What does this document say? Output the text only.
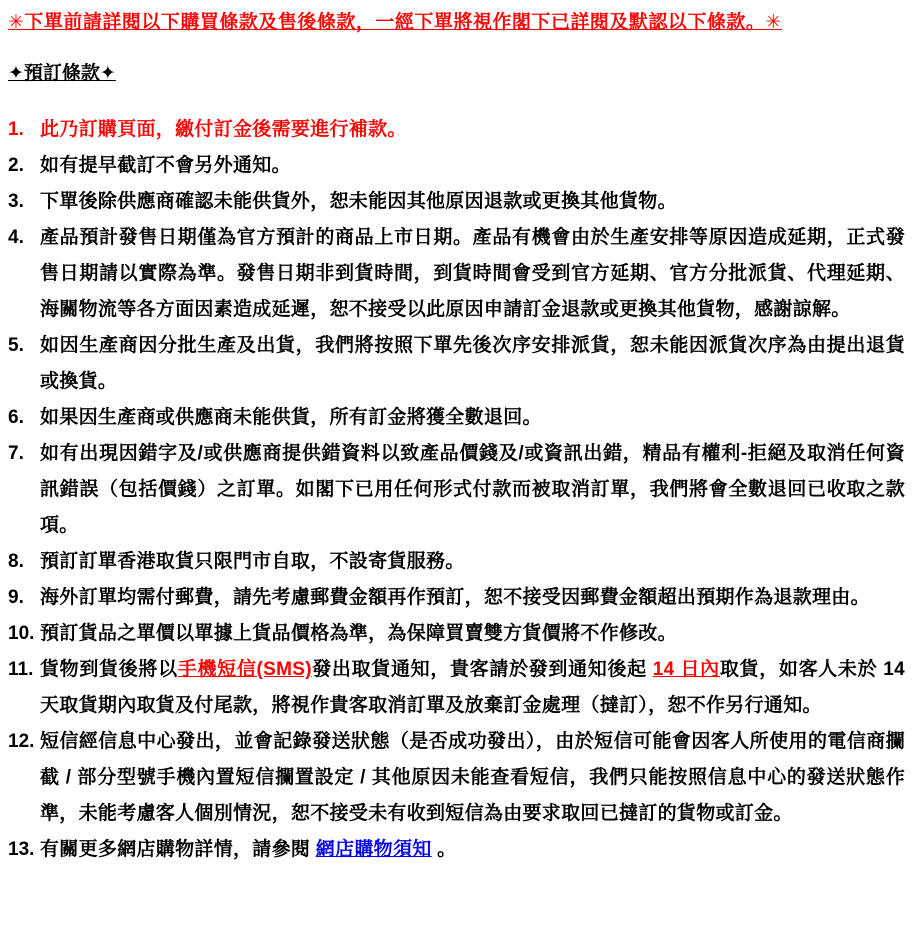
✳下單前請詳閱以下購買條款及售後條款，一經下單將視作閣下已詳閱及默認以下條款。✳
✦預訂條款✦
1. 此乃訂購頁面，繳付訂金後需要進行補款。
2. 如有提早截訂不會另外通知。
3. 下單後除供應商確認未能供貨外，恕未能因其他原因退款或更換其他貨物。
4. 產品預計發售日期僅為官方預計的商品上市日期。產品有機會由於生產安排等原因造成延期，正式發售日期請以實際為準。發售日期非到貨時間，到貨時間會受到官方延期、官方分批派貨、代理延期、海關物流等各方面因素造成延遲，恕不接受以此原因申請訂金退款或更換其他貨物，感謝諒解。
5. 如因生產商因分批生產及出貨，我們將按照下單先後次序安排派貨，恕未能因派貨次序為由提出退貨或換貨。
6. 如果因生產商或供應商未能供貨，所有訂金將獲全數退回。
7. 如有出現因錯字及/或供應商提供錯資料以致產品價錢及/或資訊出錯，精品有權利-拒絕及取消任何資訊錯誤（包括價錢）之訂單。如閣下已用任何形式付款而被取消訂單，我們將會全數退回已收取之款項。
8. 預訂訂單香港取貨只限門市自取，不設寄貨服務。
9. 海外訂單均需付郵費，請先考慮郵費金額再作預訂，恕不接受因郵費金額超出預期作為退款理由。
10. 預訂貨品之單價以單據上貨品價格為準，為保障買賣雙方貨價將不作修改。
11. 貨物到貨後將以手機短信(SMS)發出取貨通知，貴客請於發到通知後起 14 日內取貨，如客人未於 14 天取貨期內取貨及付尾款，將視作貴客取消訂單及放棄訂金處理（撻訂），恕不作另行通知。
12. 短信經信息中心發出，並會記錄發送狀態（是否成功發出），由於短信可能會因客人所使用的電信商攔截 / 部分型號手機內置短信攔置設定 / 其他原因未能查看短信，我們只能按照信息中心的發送狀態作準，未能考慮客人個別情況，恕不接受未有收到短信為由要求取回已撻訂的貨物或訂金。
13. 有關更多網店購物詳情，請參閱 網店購物須知 。
